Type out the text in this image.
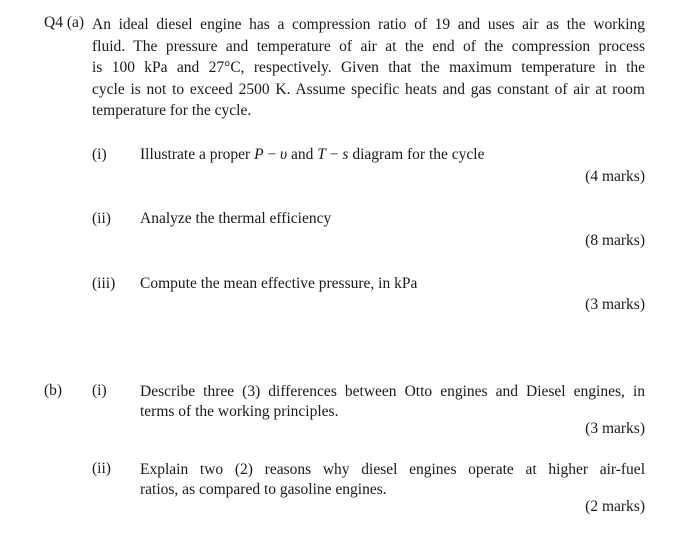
Q4 (a) An ideal diesel engine has a compression ratio of 19 and uses air as the working
fluid. The pressure and temperature of air at the end of the compression process
is 100 kPa and 27°C, respectively. Given that the maximum temperature in the
cycle is not to exceed 2500 K. Assume specific heats and gas constant of air at room
temperature for the cycle.
(i) Illustrate a proper P − υ and T − s diagram for the cycle
(4 marks)
(ii) Analyze the thermal efficiency
(8 marks)
(iii) Compute the mean effective pressure, in kPa
(3 marks)
(b) (i) Describe three (3) differences between Otto engines and Diesel engines, in
terms of the working principles.
(3 marks)
(ii) Explain two (2) reasons why diesel engines operate at higher air-fuel
ratios, as compared to gasoline engines.
(2 marks)
